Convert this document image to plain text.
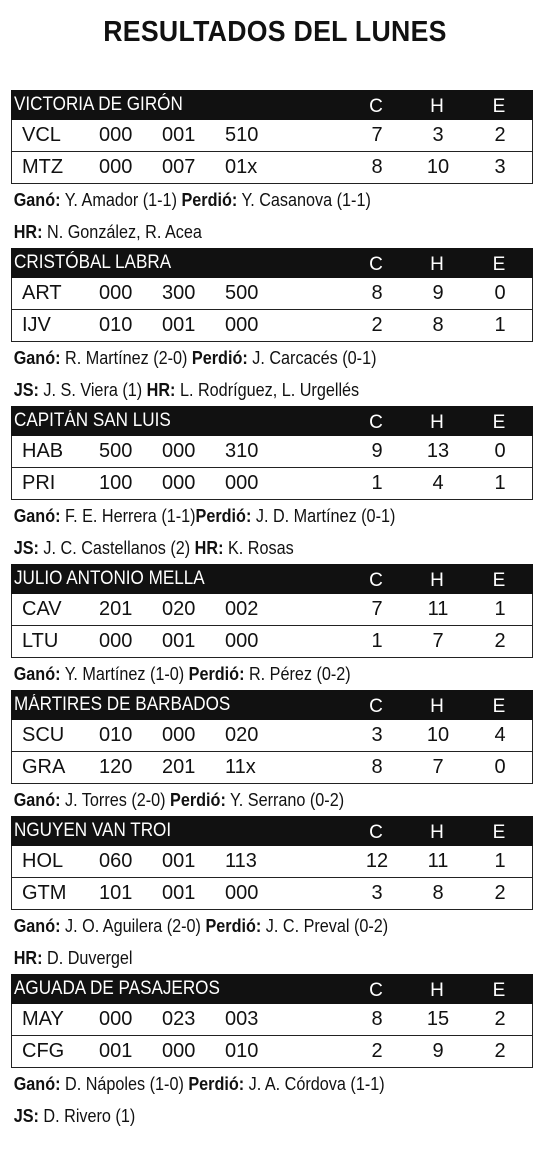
RESULTADOS DEL LUNES
VICTORIA DE GIRÓN	C	H	E
VCL 000 001 510	7	3	2
MTZ 000 007 01x	8	10	3
Ganó: Y. Amador (1-1) Perdió: Y. Casanova (1-1)
HR: N. González, R. Acea
CRISTÓBAL LABRA	C	H	E
ART 000 300 500	8	9	0
IJV 010 001 000	2	8	1
Ganó: R. Martínez (2-0) Perdió: J. Carcacés (0-1)
JS: J. S. Viera (1) HR: L. Rodríguez, L. Urgellés
CAPITÁN SAN LUIS	C	H	E
HAB 500 000 310	9	13	0
PRI 100 000 000	1	4	1
Ganó: F. E. Herrera (1-1)Perdió: J. D. Martínez (0-1)
JS: J. C. Castellanos (2) HR: K. Rosas
JULIO ANTONIO MELLA	C	H	E
CAV 201 020 002	7	11	1
LTU 000 001 000	1	7	2
Ganó: Y. Martínez (1-0) Perdió: R. Pérez (0-2)
MÁRTIRES DE BARBADOS	C	H	E
SCU 010 000 020	3	10	4
GRA 120 201 11x	8	7	0
Ganó: J. Torres (2-0) Perdió: Y. Serrano (0-2)
NGUYEN VAN TROI	C	H	E
HOL 060 001 113	12	11	1
GTM 101 001 000	3	8	2
Ganó: J. O. Aguilera (2-0) Perdió: J. C. Preval (0-2)
HR: D. Duvergel
AGUADA DE PASAJEROS	C	H	E
MAY 000 023 003	8	15	2
CFG 001 000 010	2	9	2
Ganó: D. Nápoles (1-0) Perdió: J. A. Córdova (1-1)
JS: D. Rivero (1)
